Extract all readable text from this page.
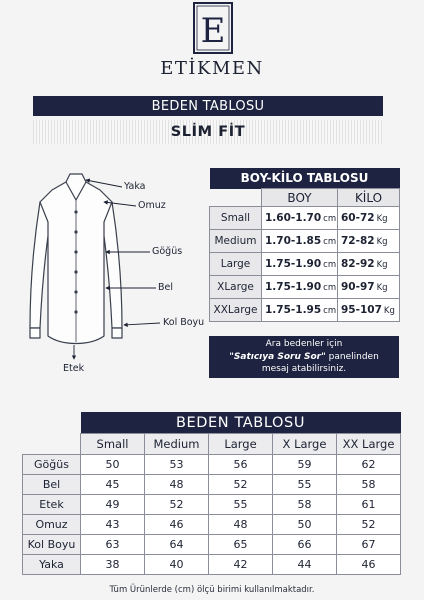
E
ETİKMEN
BEDEN TABLOSU
SLİM FİT
Yaka
Omuz
Göğüs
Bel
Kol Boyu
Etek
BOY-KİLO TABLOSU		
	BOY	KİLO
Small	1.60-1.70 cm	60-72 Kg
Medium	1.70-1.85 cm	72-82 Kg
Large	1.75-1.90 cm	82-92 Kg
XLarge	1.75-1.90 cm	90-97 Kg
XXLarge	1.75-1.95 cm	95-107 Kg
Ara bedenler için
"Satıcıya Soru Sor" panelinden
mesaj atabilirsiniz.
	BEDEN TABLOSU				
	Small	Medium	Large	X Large	XX Large
Göğüs	50	53	56	59	62
Bel	45	48	52	55	58
Etek	49	52	55	58	61
Omuz	43	46	48	50	52
Kol Boyu	63	64	65	66	67
Yaka	38	40	42	44	46
Tüm Ürünlerde (cm) ölçü birimi kullanılmaktadır.
